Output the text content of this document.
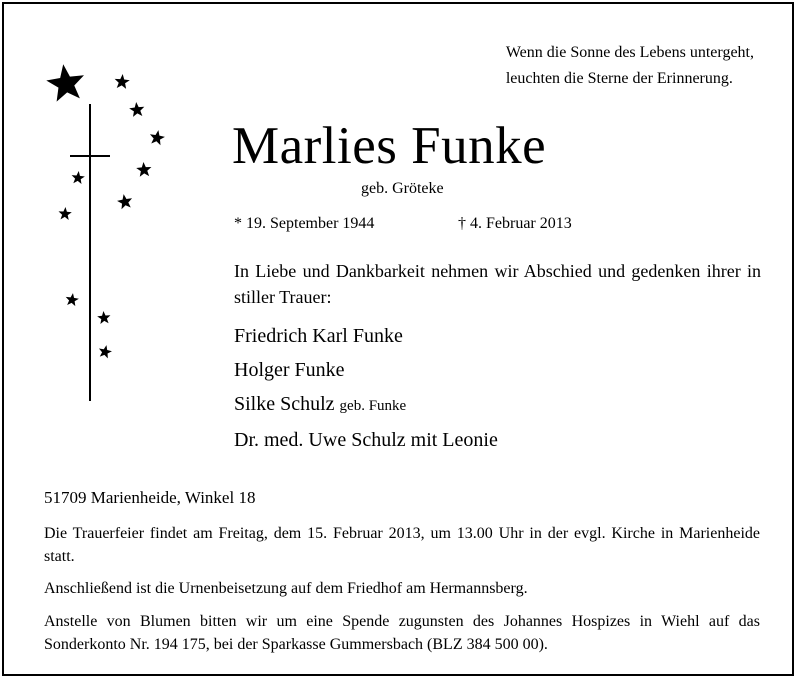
Wenn die Sonne des Lebens untergeht,
leuchten die Sterne der Erinnerung.
Marlies Funke
geb. Gröteke
* 19. September 1944	† 4. Februar 2013
In Liebe und Dankbarkeit nehmen wir Abschied und gedenken ihrer in stiller Trauer:
Friedrich Karl Funke
Holger Funke
Silke Schulz geb. Funke
Dr. med. Uwe Schulz mit Leonie
51709 Marienheide, Winkel 18
Die Trauerfeier findet am Freitag, dem 15. Februar 2013, um 13.00 Uhr in der evgl. Kirche in Marienheide statt.
Anschließend ist die Urnenbeisetzung auf dem Friedhof am Hermannsberg.
Anstelle von Blumen bitten wir um eine Spende zugunsten des Johannes Hospizes in Wiehl auf das Sonderkonto Nr. 194 175, bei der Sparkasse Gummersbach (BLZ 384 500 00).
